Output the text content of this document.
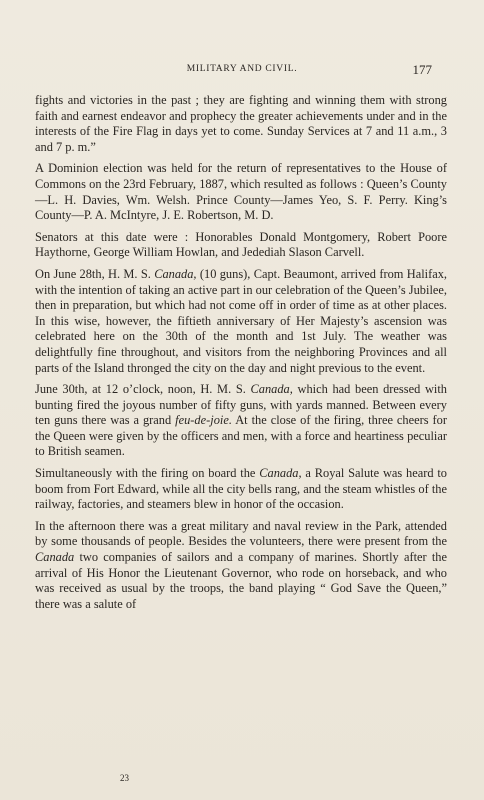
MILITARY AND CIVIL.	177

fights and victories in the past ; they are fighting and winning them with strong faith and earnest endeavor and prophecy the greater achievements under and in the interests of the Fire Flag in days yet to come. Sunday Services at 7 and 11 a.m., 3 and 7 p. m.”

A Dominion election was held for the return of representatives to the House of Commons on the 23rd February, 1887, which resulted as follows : Queen’s County—L. H. Davies, Wm. Welsh. Prince County—James Yeo, S. F. Perry. King’s County—P. A. McIntyre, J. E. Robertson, M. D.

Senators at this date were : Honorables Donald Montgomery, Robert Poore Haythorne, George William Howlan, and Jedediah Slason Carvell.

On June 28th, H. M. S. Canada, (10 guns), Capt. Beaumont, arrived from Halifax, with the intention of taking an active part in our celebration of the Queen’s Jubilee, then in preparation, but which had not come off in order of time as at other places. In this wise, however, the fiftieth anniversary of Her Majesty’s ascension was celebrated here on the 30th of the month and 1st July. The weather was delightfully fine throughout, and visitors from the neighboring Provinces and all parts of the Island thronged the city on the day and night previous to the event.

June 30th, at 12 o’clock, noon, H. M. S. Canada, which had been dressed with bunting fired the joyous number of fifty guns, with yards manned. Between every ten guns there was a grand feu-de-joie. At the close of the firing, three cheers for the Queen were given by the officers and men, with a force and heartiness peculiar to British seamen.

Simultaneously with the firing on board the Canada, a Royal Salute was heard to boom from Fort Edward, while all the city bells rang, and the steam whistles of the railway, factories, and steamers blew in honor of the occasion.

In the afternoon there was a great military and naval review in the Park, attended by some thousands of people. Besides the volunteers, there were present from the Canada two companies of sailors and a company of marines. Shortly after the arrival of His Honor the Lieutenant Governor, who rode on horseback, and who was received as usual by the troops, the band playing “ God Save the Queen,” there was a salute of

23
